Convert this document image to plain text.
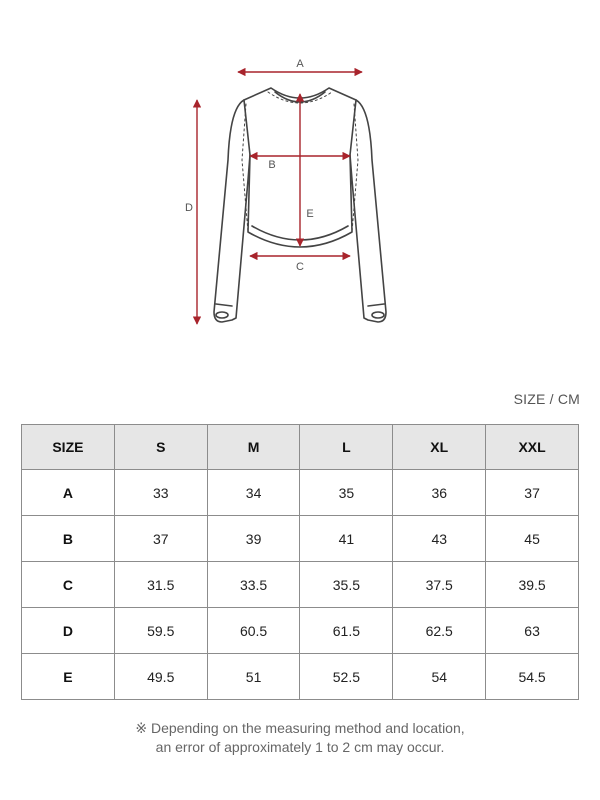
A
B
C
D	E
SIZE / CM
SIZE	S	M	L	XL	XXL
A	33	34	35	36	37
B	37	39	41	43	45
C	31.5	33.5	35.5	37.5	39.5
D	59.5	60.5	61.5	62.5	63
E	49.5	51	52.5	54	54.5
※ Depending on the measuring method and location,
an error of approximately 1 to 2 cm may occur.
